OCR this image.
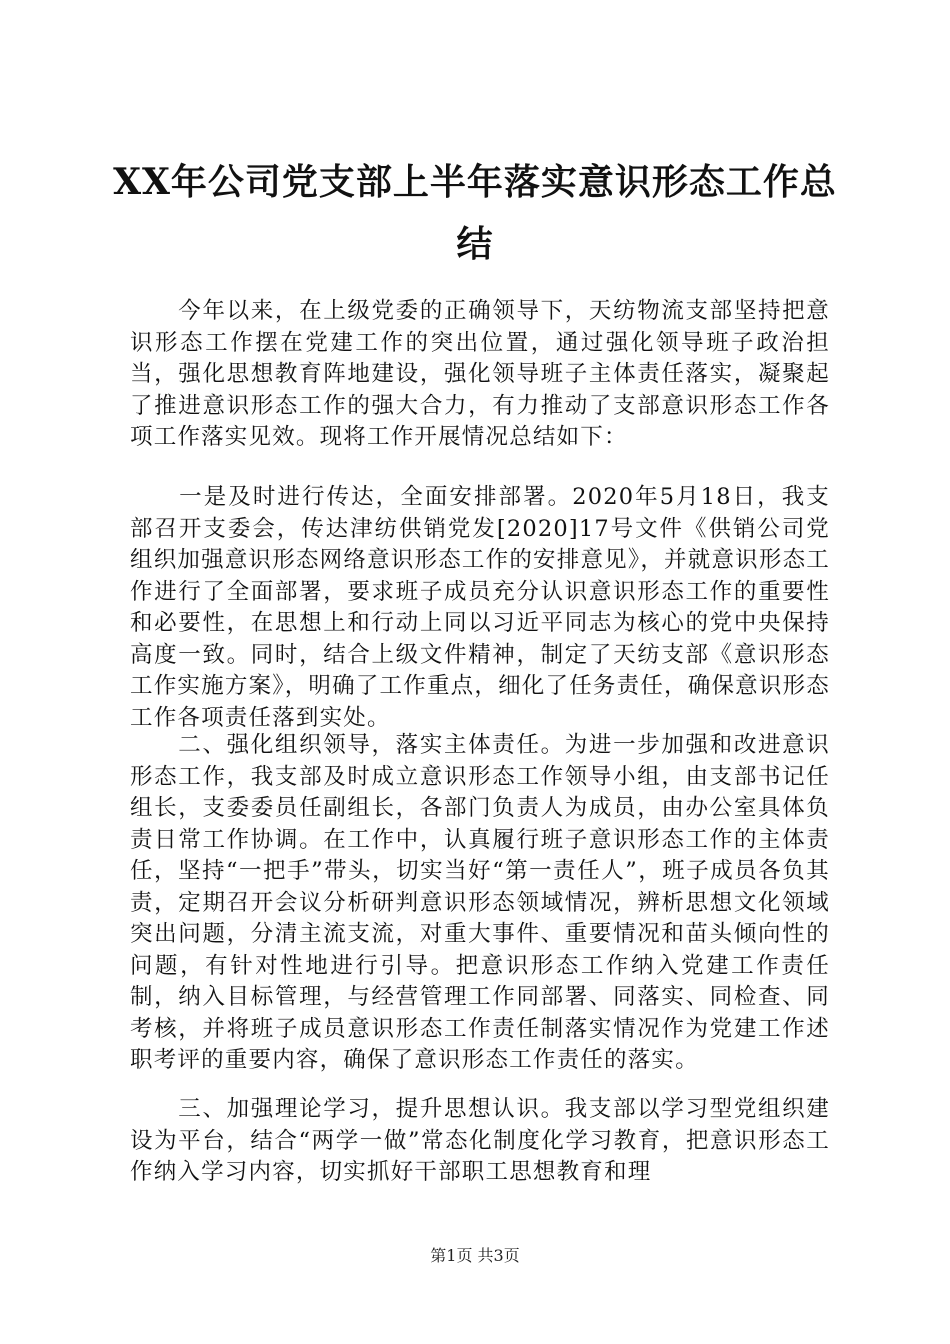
XX年公司党支部上半年落实意识形态工作总
结

　　今年以来，在上级党委的正确领导下，天纺物流支部坚持把意识形态工作摆在党建工作的突出位置，通过强化领导班子政治担当，强化思想教育阵地建设，强化领导班子主体责任落实，凝聚起了推进意识形态工作的强大合力，有力推动了支部意识形态工作各项工作落实见效。现将工作开展情况总结如下：

　　一是及时进行传达，全面安排部署。2020年5月18日，我支部召开支委会，传达津纺供销党发[2020]17号文件《供销公司党组织加强意识形态网络意识形态工作的安排意见》，并就意识形态工作进行了全面部署，要求班子成员充分认识意识形态工作的重要性和必要性，在思想上和行动上同以习近平同志为核心的党中央保持高度一致。同时，结合上级文件精神，制定了天纺支部《意识形态工作实施方案》，明确了工作重点，细化了任务责任，确保意识形态工作各项责任落到实处。

　　二、强化组织领导，落实主体责任。为进一步加强和改进意识形态工作，我支部及时成立意识形态工作领导小组，由支部书记任组长，支委委员任副组长，各部门负责人为成员，由办公室具体负责日常工作协调。在工作中，认真履行班子意识形态工作的主体责任，坚持“一把手”带头，切实当好“第一责任人”，班子成员各负其责，定期召开会议分析研判意识形态领域情况，辨析思想文化领域突出问题，分清主流支流，对重大事件、重要情况和苗头倾向性的问题，有针对性地进行引导。把意识形态工作纳入党建工作责任制，纳入目标管理，与经营管理工作同部署、同落实、同检查、同考核，并将班子成员意识形态工作责任制落实情况作为党建工作述职考评的重要内容，确保了意识形态工作责任的落实。

　　三、加强理论学习，提升思想认识。我支部以学习型党组织建设为平台，结合“两学一做”常态化制度化学习教育，把意识形态工作纳入学习内容，切实抓好干部职工思想教育和理

第1页 共3页
